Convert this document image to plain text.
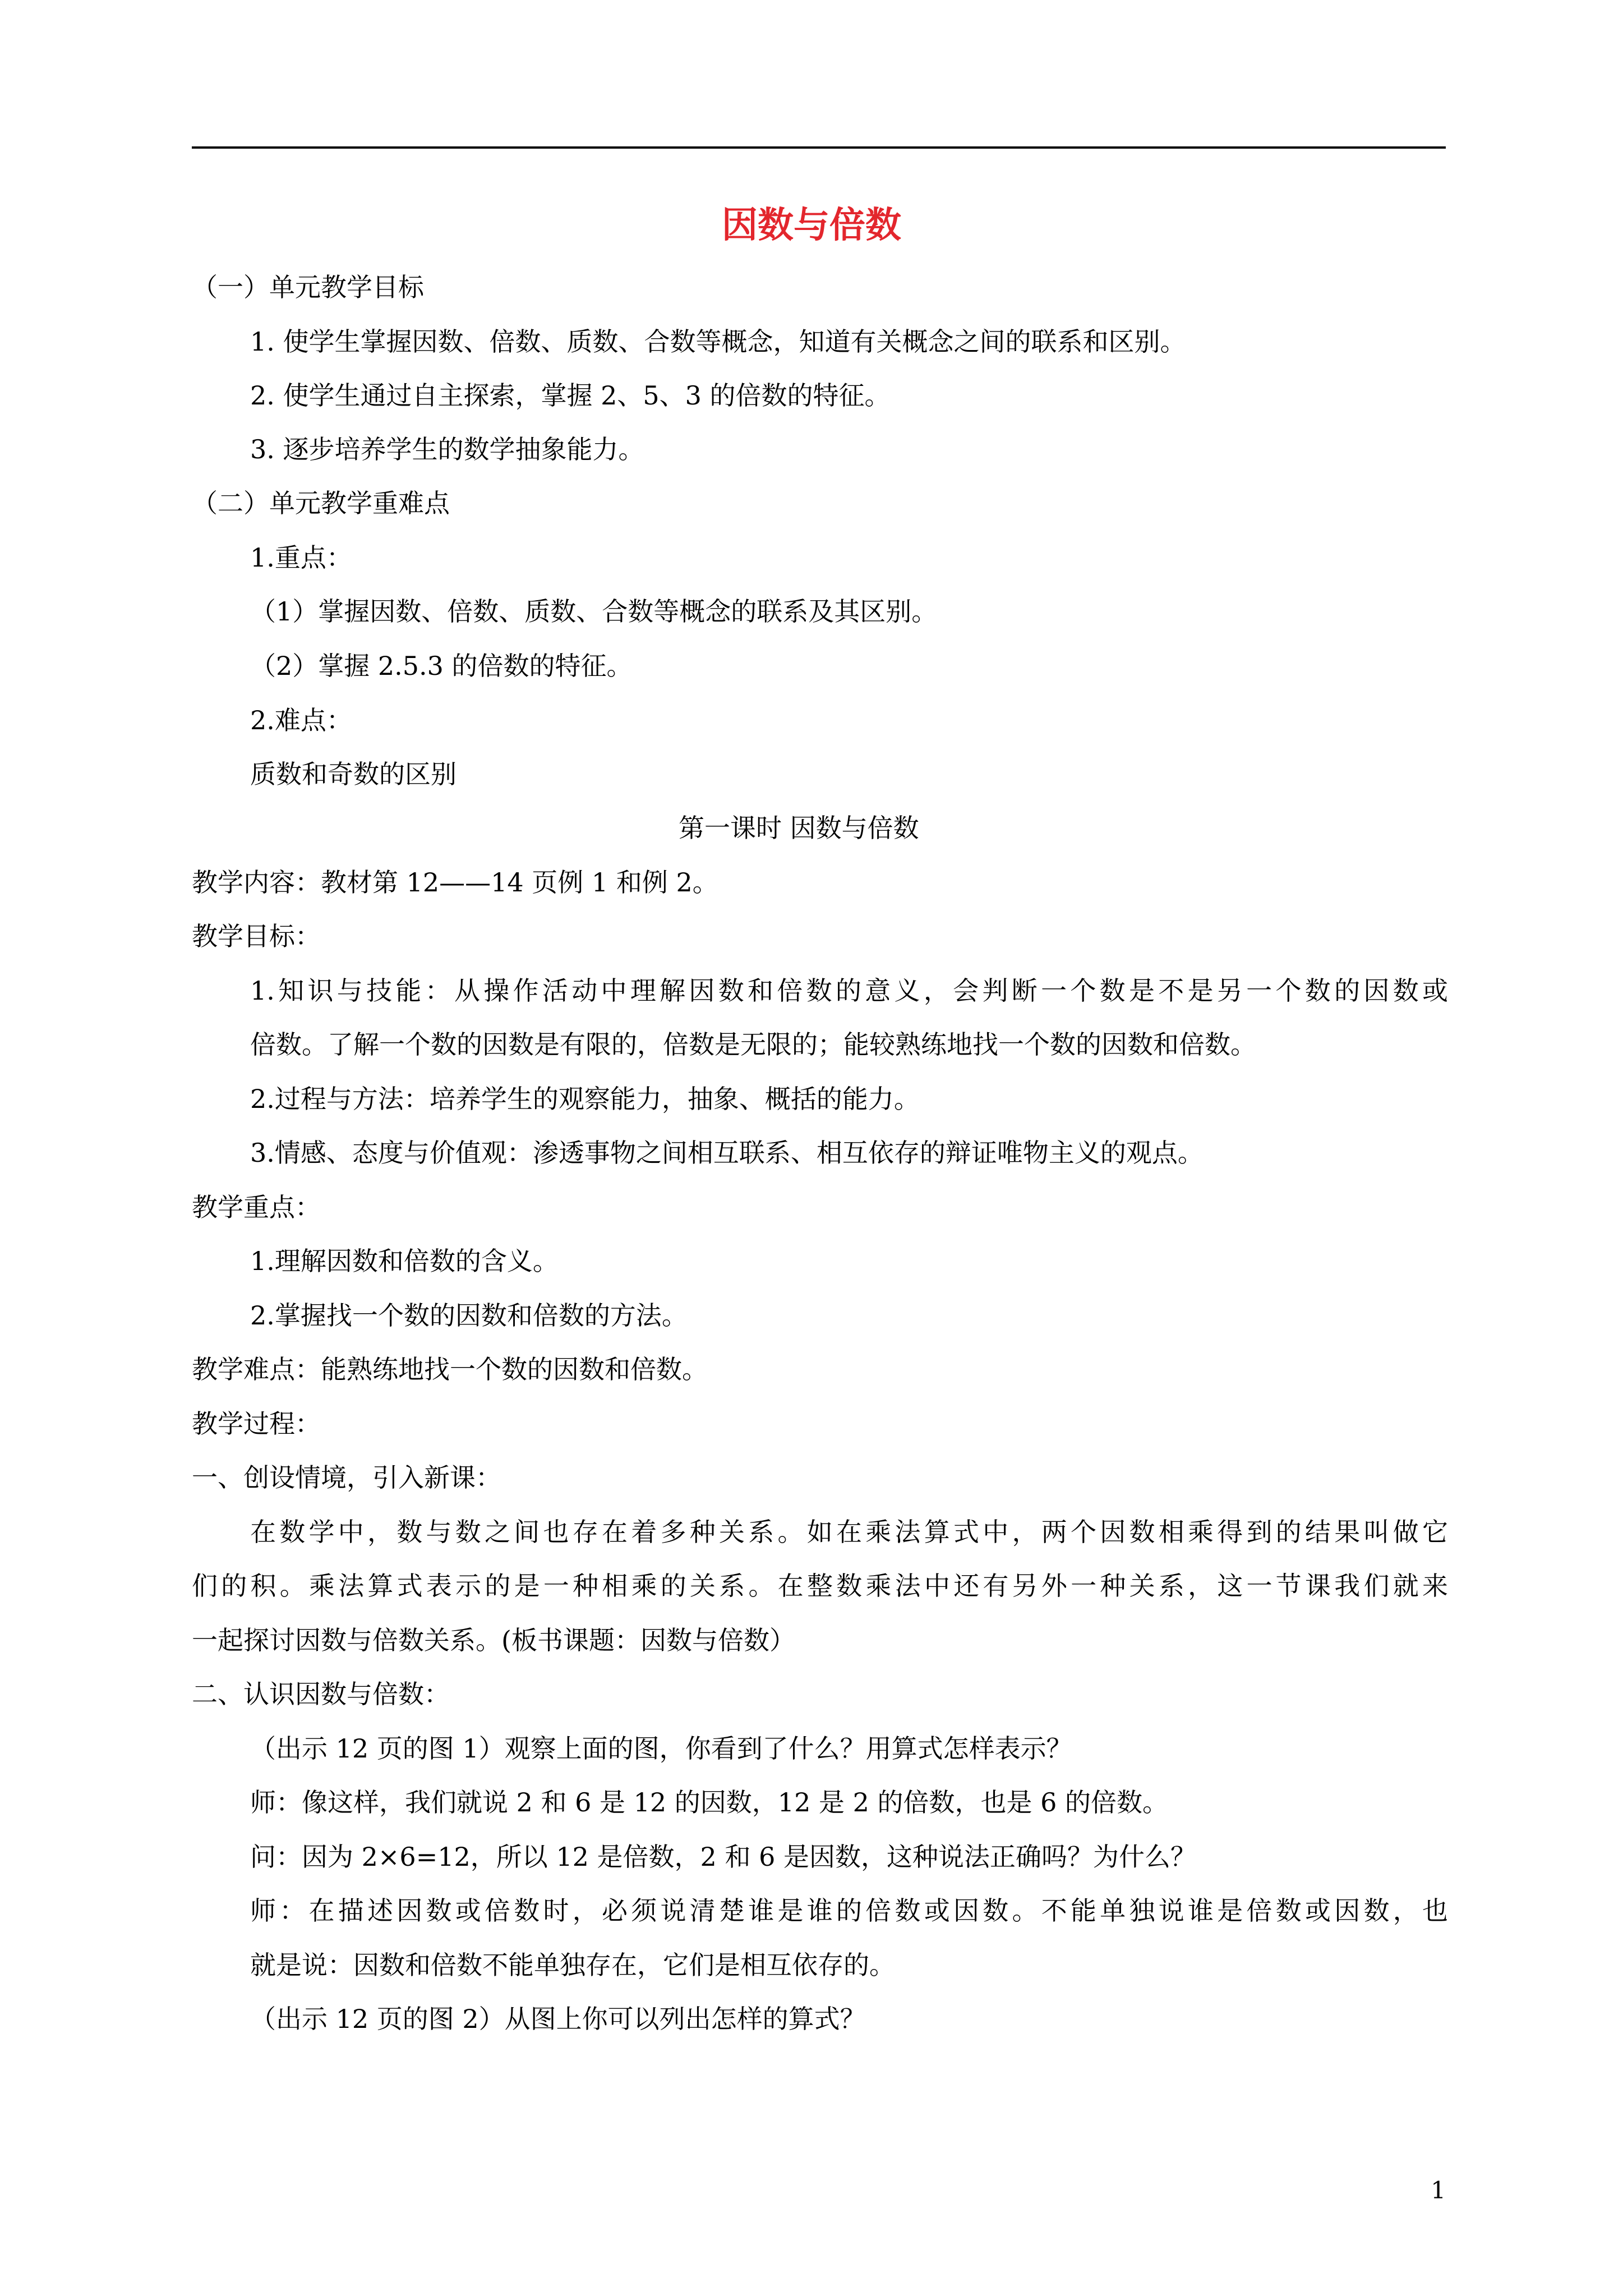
因数与倍数
（一）单元教学目标
1. 使学生掌握因数、倍数、质数、合数等概念，知道有关概念之间的联系和区别。
2. 使学生通过自主探索，掌握 2、5、3 的倍数的特征。
3. 逐步培养学生的数学抽象能力。
（二）单元教学重难点
1.重点：
（1）掌握因数、倍数、质数、合数等概念的联系及其区别。
（2）掌握 2.5.3 的倍数的特征。
2.难点：
质数和奇数的区别
第一课时 因数与倍数
教学内容：教材第 12——14 页例 1 和例 2。
教学目标：
1.知识与技能：从操作活动中理解因数和倍数的意义，会判断一个数是不是另一个数的因数或
倍数。了解一个数的因数是有限的，倍数是无限的；能较熟练地找一个数的因数和倍数。
2.过程与方法：培养学生的观察能力，抽象、概括的能力。
3.情感、态度与价值观：渗透事物之间相互联系、相互依存的辩证唯物主义的观点。
教学重点：
1.理解因数和倍数的含义。
2.掌握找一个数的因数和倍数的方法。
教学难点：能熟练地找一个数的因数和倍数。
教学过程：
一、创设情境，引入新课：
在数学中，数与数之间也存在着多种关系。如在乘法算式中，两个因数相乘得到的结果叫做它
们的积。乘法算式表示的是一种相乘的关系。在整数乘法中还有另外一种关系，这一节课我们就来
一起探讨因数与倍数关系。(板书课题：因数与倍数）
二、认识因数与倍数：
（出示 12 页的图 1）观察上面的图，你看到了什么？用算式怎样表示？
师：像这样，我们就说 2 和 6 是 12 的因数，12 是 2 的倍数，也是 6 的倍数。
问：因为 2×6=12，所以 12 是倍数，2 和 6 是因数，这种说法正确吗？为什么？
师：在描述因数或倍数时，必须说清楚谁是谁的倍数或因数。不能单独说谁是倍数或因数，也
就是说：因数和倍数不能单独存在，它们是相互依存的。
（出示 12 页的图 2）从图上你可以列出怎样的算式？
1
